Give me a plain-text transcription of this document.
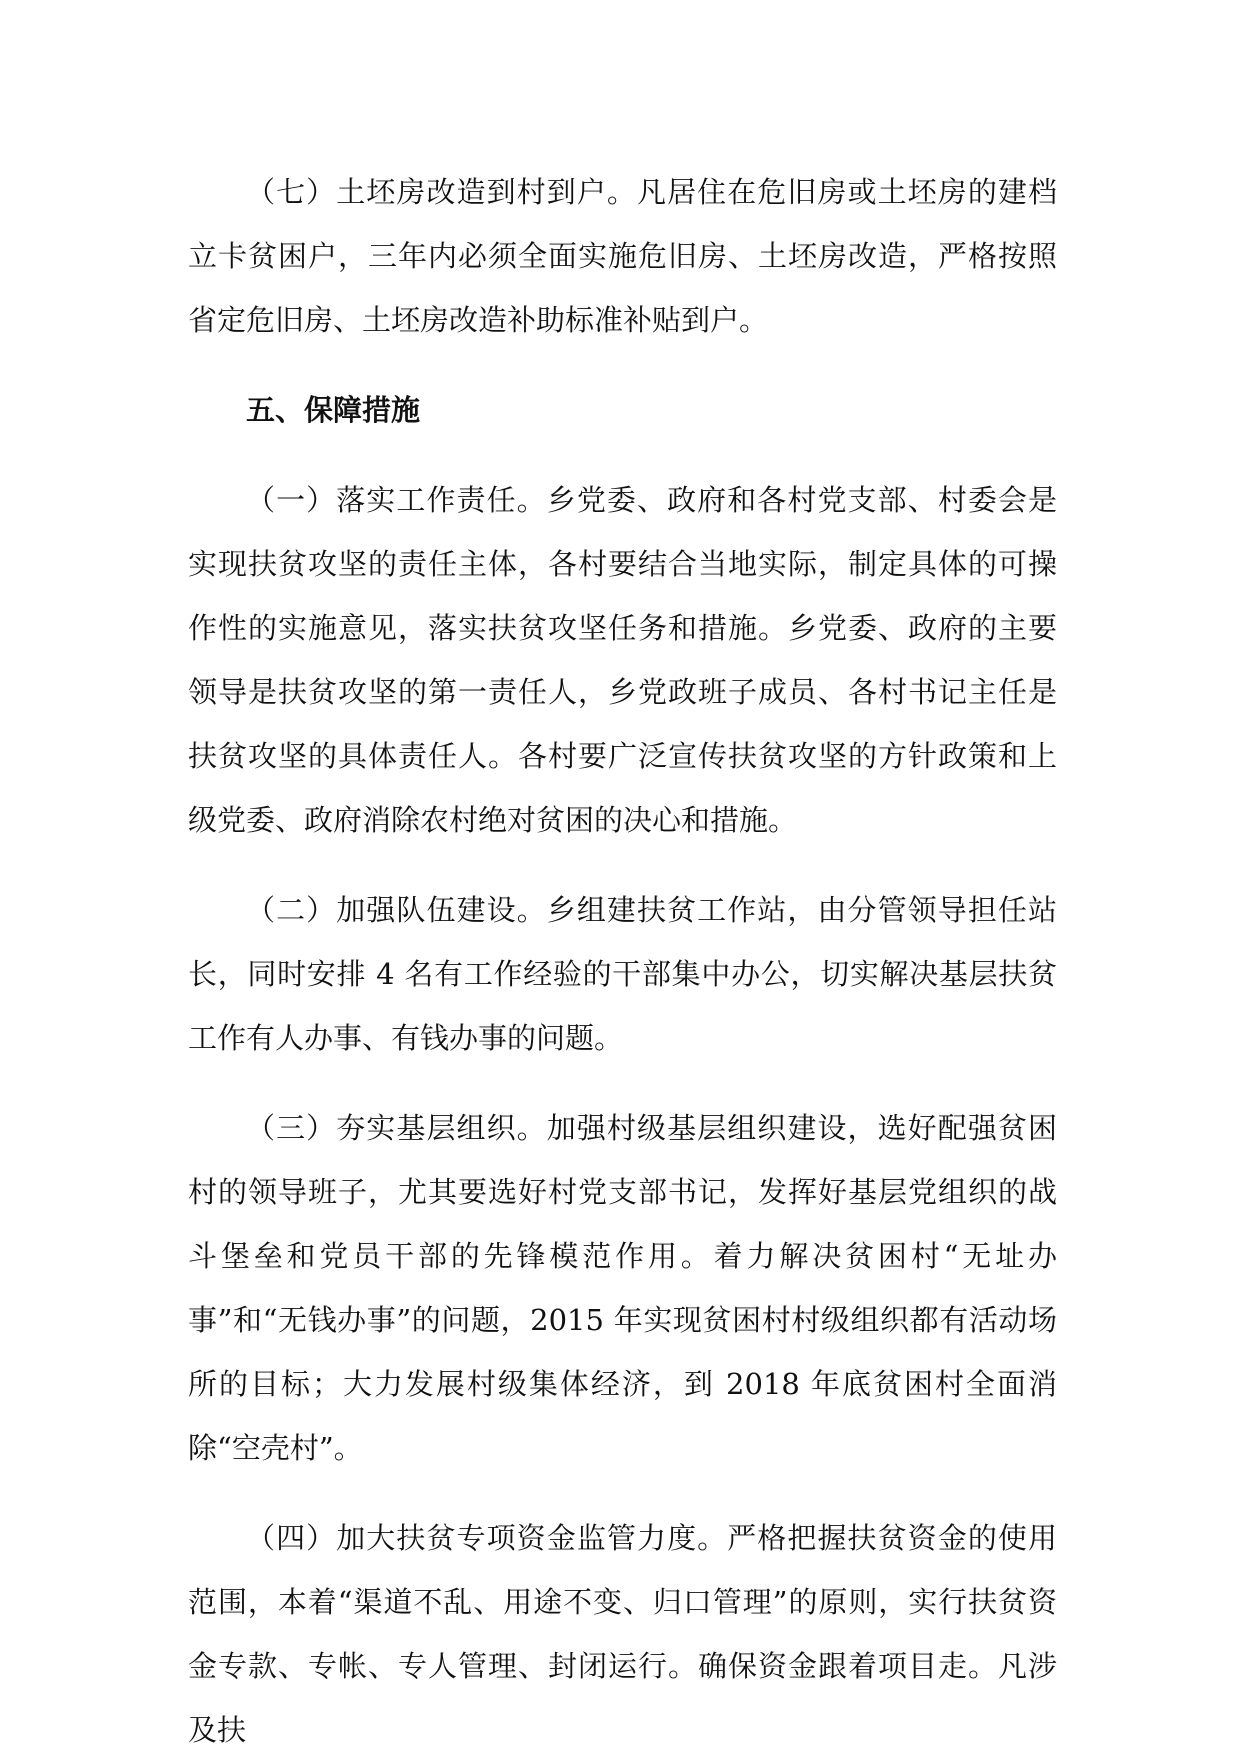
（七）土坯房改造到村到户。凡居住在危旧房或土坯房的建档立卡贫困户，三年内必须全面实施危旧房、土坯房改造，严格按照省定危旧房、土坯房改造补助标准补贴到户。

五、保障措施

（一）落实工作责任。乡党委、政府和各村党支部、村委会是实现扶贫攻坚的责任主体，各村要结合当地实际，制定具体的可操作性的实施意见，落实扶贫攻坚任务和措施。乡党委、政府的主要领导是扶贫攻坚的第一责任人，乡党政班子成员、各村书记主任是扶贫攻坚的具体责任人。各村要广泛宣传扶贫攻坚的方针政策和上级党委、政府消除农村绝对贫困的决心和措施。

（二）加强队伍建设。乡组建扶贫工作站，由分管领导担任站长，同时安排 4 名有工作经验的干部集中办公，切实解决基层扶贫工作有人办事、有钱办事的问题。

（三）夯实基层组织。加强村级基层组织建设，选好配强贫困村的领导班子，尤其要选好村党支部书记，发挥好基层党组织的战斗堡垒和党员干部的先锋模范作用。着力解决贫困村“无址办事”和“无钱办事”的问题，2015 年实现贫困村村级组织都有活动场所的目标；大力发展村级集体经济，到 2018 年底贫困村全面消除“空壳村”。

（四）加大扶贫专项资金监管力度。严格把握扶贫资金的使用范围，本着“渠道不乱、用途不变、归口管理”的原则，实行扶贫资金专款、专帐、专人管理、封闭运行。确保资金跟着项目走。凡涉及扶
